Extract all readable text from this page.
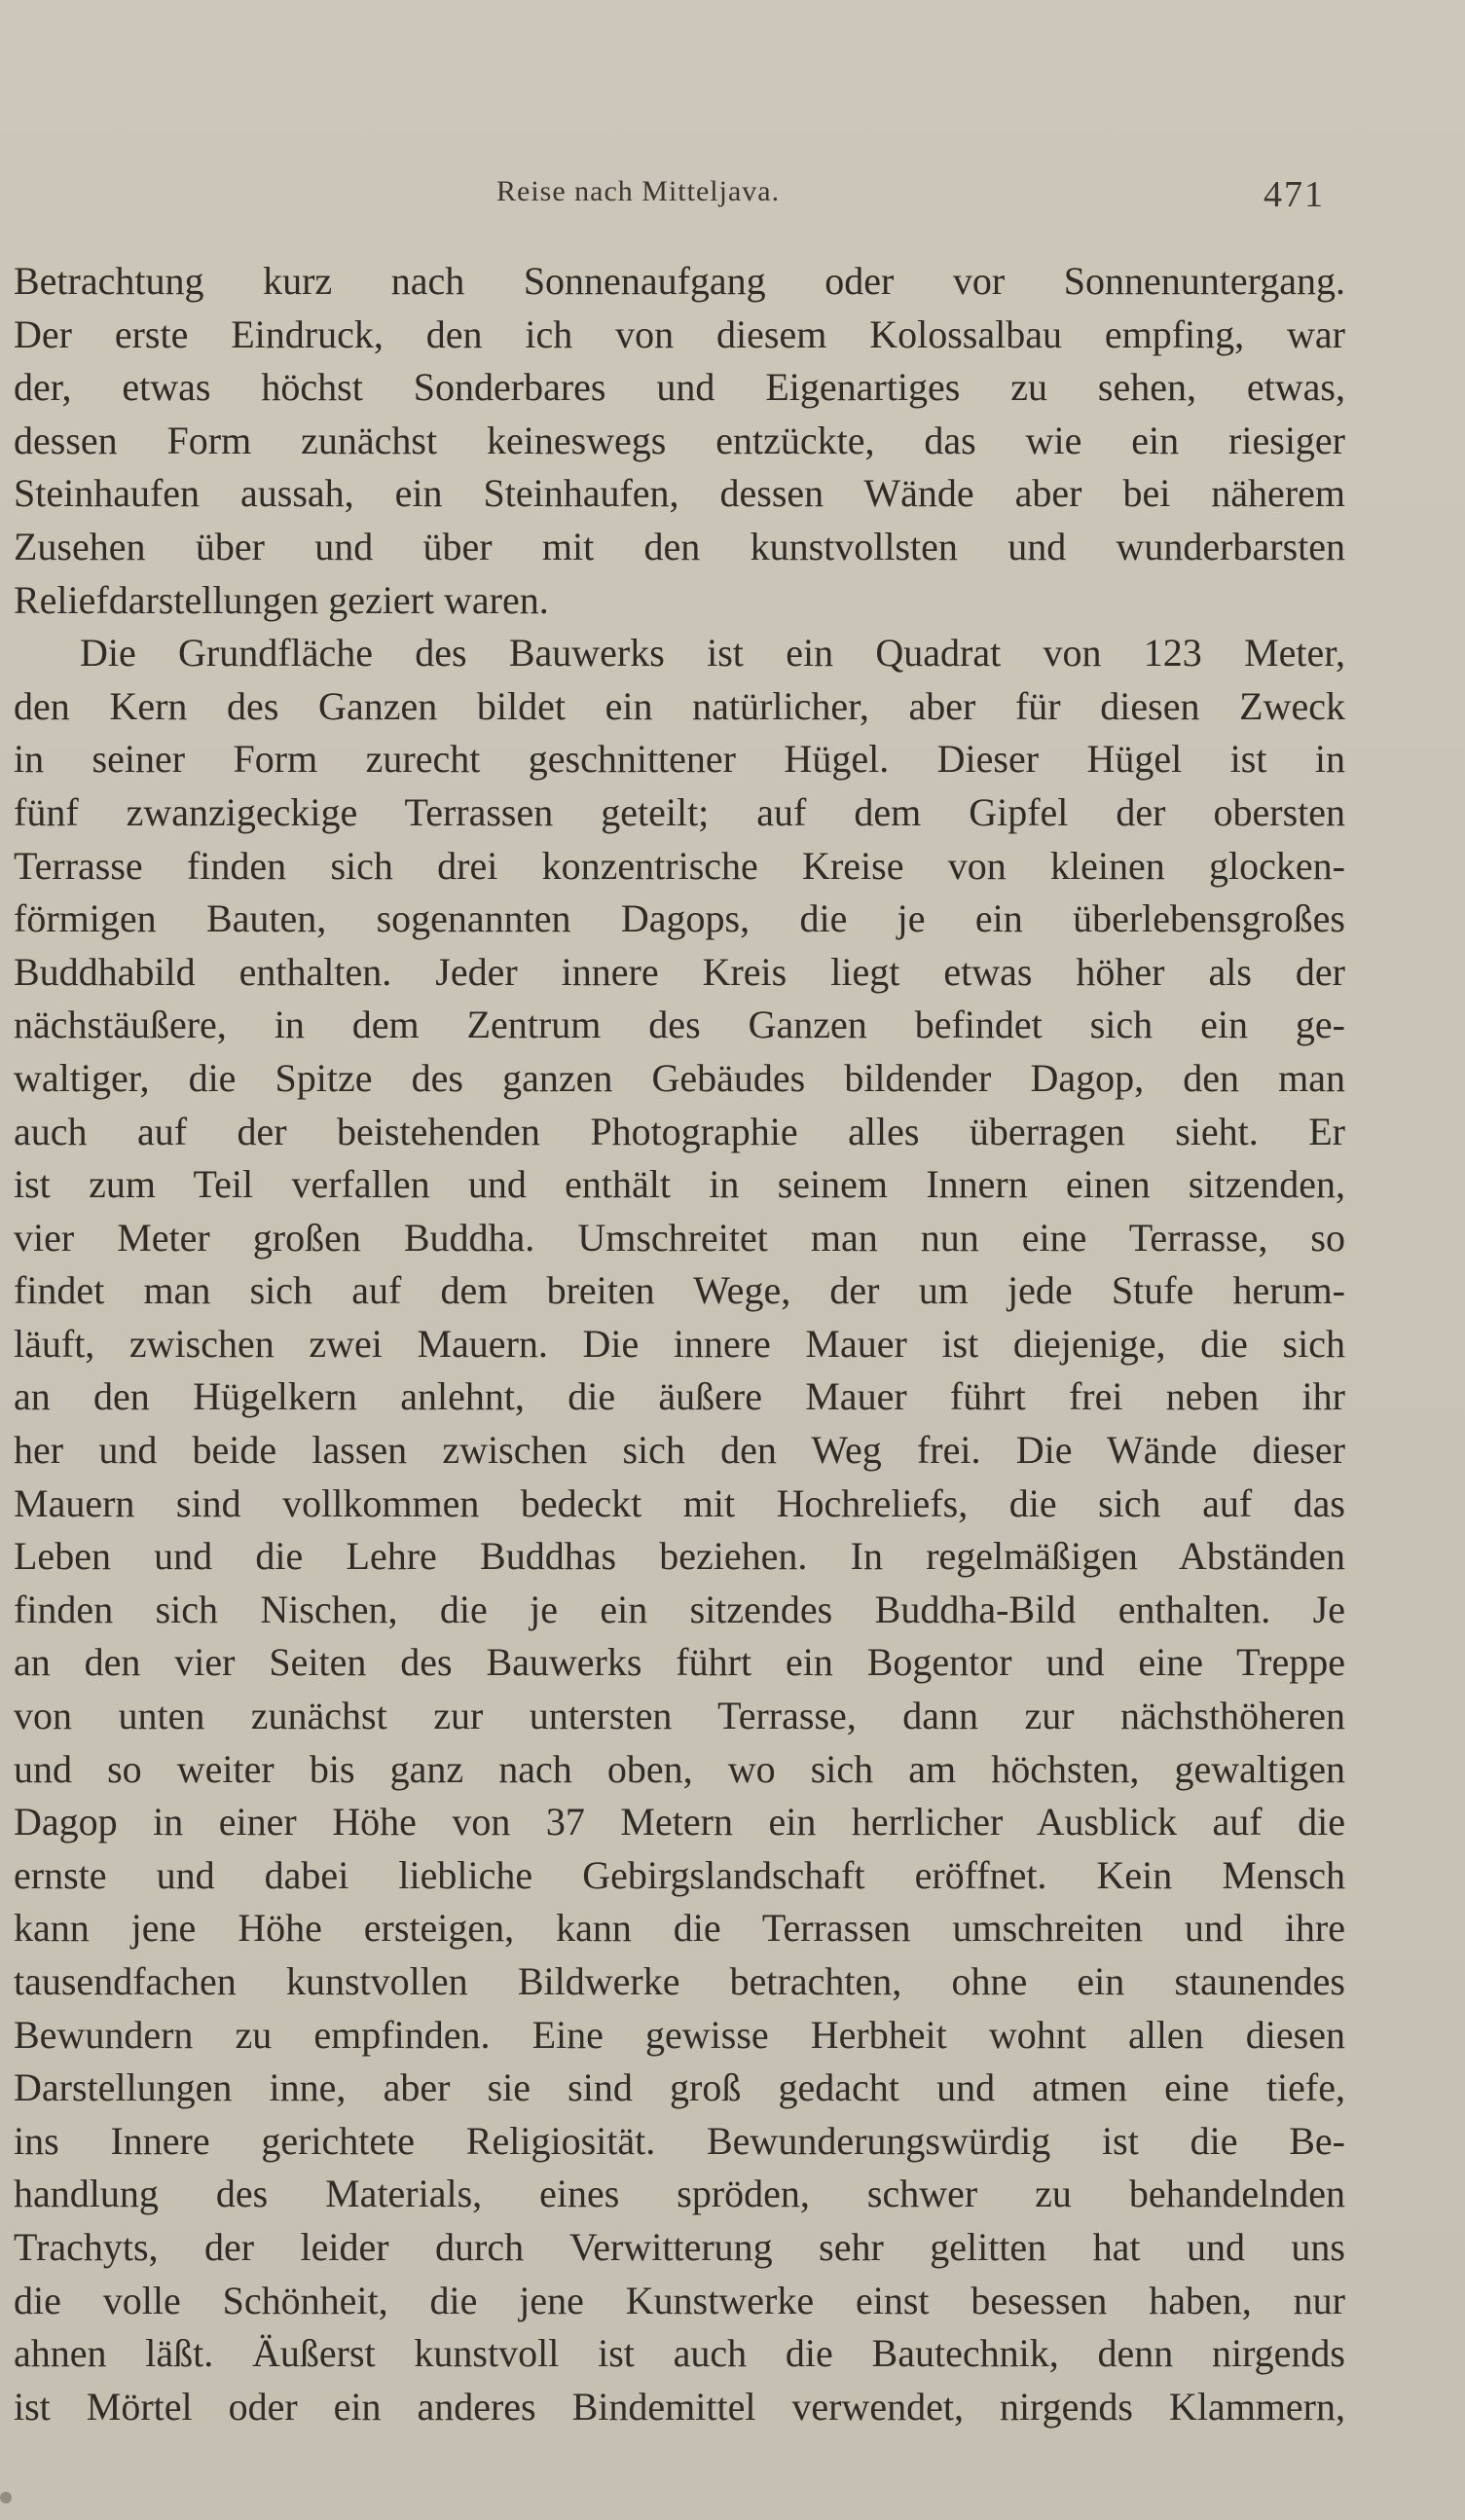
Reise nach Mitteljava.	471
Betrachtung kurz nach Sonnenaufgang oder vor Sonnenuntergang.
Der erste Eindruck, den ich von diesem Kolossalbau empfing, war
der, etwas höchst Sonderbares und Eigenartiges zu sehen, etwas,
dessen Form zunächst keineswegs entzückte, das wie ein riesiger
Steinhaufen aussah, ein Steinhaufen, dessen Wände aber bei näherem
Zusehen über und über mit den kunstvollsten und wunderbarsten
Reliefdarstellungen geziert waren.
Die Grundfläche des Bauwerks ist ein Quadrat von 123 Meter,
den Kern des Ganzen bildet ein natürlicher, aber für diesen Zweck
in seiner Form zurecht geschnittener Hügel. Dieser Hügel ist in
fünf zwanzigeckige Terrassen geteilt; auf dem Gipfel der obersten
Terrasse finden sich drei konzentrische Kreise von kleinen glocken-
förmigen Bauten, sogenannten Dagops, die je ein überlebensgroßes
Buddhabild enthalten. Jeder innere Kreis liegt etwas höher als der
nächstäußere, in dem Zentrum des Ganzen befindet sich ein ge-
waltiger, die Spitze des ganzen Gebäudes bildender Dagop, den man
auch auf der beistehenden Photographie alles überragen sieht. Er
ist zum Teil verfallen und enthält in seinem Innern einen sitzenden,
vier Meter großen Buddha. Umschreitet man nun eine Terrasse, so
findet man sich auf dem breiten Wege, der um jede Stufe herum-
läuft, zwischen zwei Mauern. Die innere Mauer ist diejenige, die sich
an den Hügelkern anlehnt, die äußere Mauer führt frei neben ihr
her und beide lassen zwischen sich den Weg frei. Die Wände dieser
Mauern sind vollkommen bedeckt mit Hochreliefs, die sich auf das
Leben und die Lehre Buddhas beziehen. In regelmäßigen Abständen
finden sich Nischen, die je ein sitzendes Buddha-Bild enthalten. Je
an den vier Seiten des Bauwerks führt ein Bogentor und eine Treppe
von unten zunächst zur untersten Terrasse, dann zur nächsthöheren
und so weiter bis ganz nach oben, wo sich am höchsten, gewaltigen
Dagop in einer Höhe von 37 Metern ein herrlicher Ausblick auf die
ernste und dabei liebliche Gebirgslandschaft eröffnet. Kein Mensch
kann jene Höhe ersteigen, kann die Terrassen umschreiten und ihre
tausendfachen kunstvollen Bildwerke betrachten, ohne ein staunendes
Bewundern zu empfinden. Eine gewisse Herbheit wohnt allen diesen
Darstellungen inne, aber sie sind groß gedacht und atmen eine tiefe,
ins Innere gerichtete Religiosität. Bewunderungswürdig ist die Be-
handlung des Materials, eines spröden, schwer zu behandelnden
Trachyts, der leider durch Verwitterung sehr gelitten hat und uns
die volle Schönheit, die jene Kunstwerke einst besessen haben, nur
ahnen läßt. Äußerst kunstvoll ist auch die Bautechnik, denn nirgends
ist Mörtel oder ein anderes Bindemittel verwendet, nirgends Klammern,
